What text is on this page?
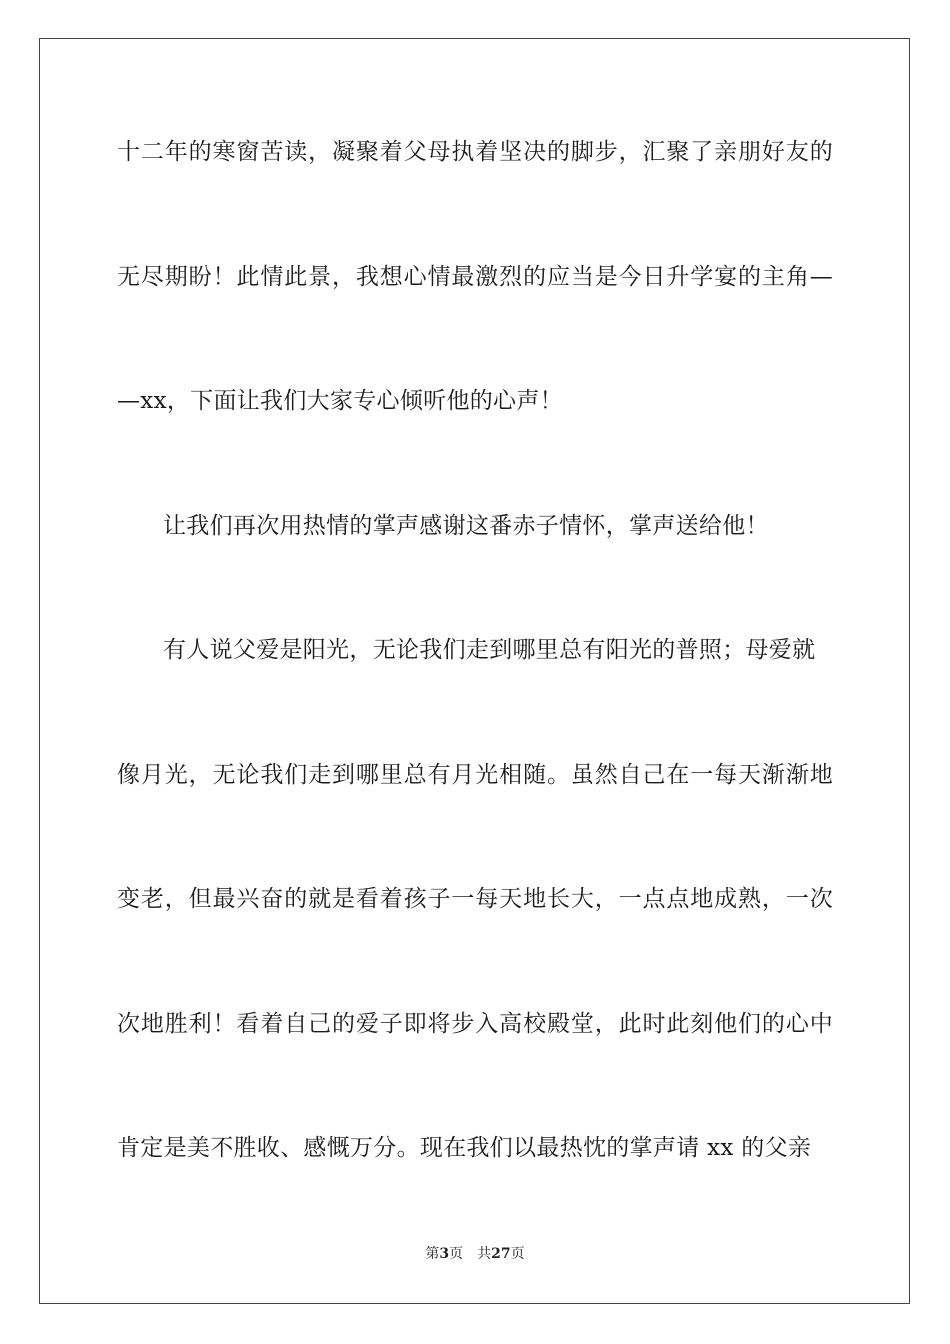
十二年的寒窗苦读，凝聚着父母执着坚决的脚步，汇聚了亲朋好友的
无尽期盼！此情此景，我想心情最激烈的应当是今日升学宴的主角—
—xx，下面让我们大家专心倾听他的心声！
让我们再次用热情的掌声感谢这番赤子情怀，掌声送给他！
有人说父爱是阳光，无论我们走到哪里总有阳光的普照；母爱就
像月光，无论我们走到哪里总有月光相随。虽然自己在一每天渐渐地
变老，但最兴奋的就是看着孩子一每天地长大，一点点地成熟，一次
次地胜利！看着自己的爱子即将步入高校殿堂，此时此刻他们的心中
肯定是美不胜收、感慨万分。现在我们以最热忱的掌声请 xx 的父亲
第3页 共27页
